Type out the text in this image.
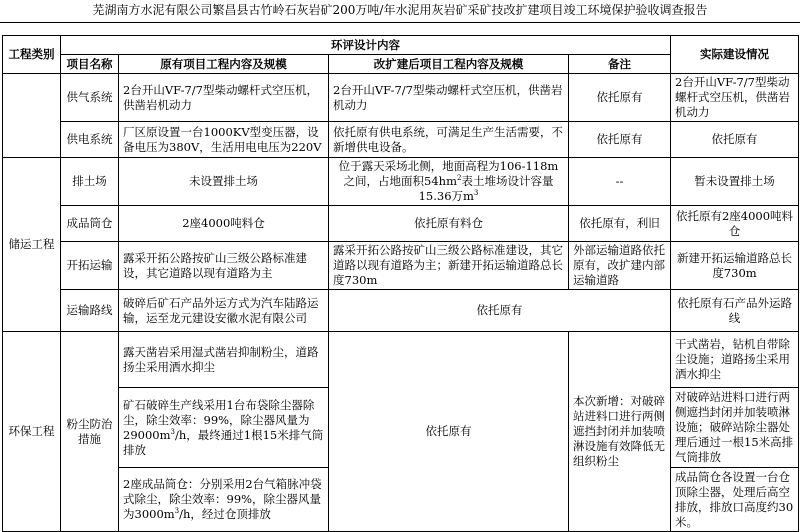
芜湖南方水泥有限公司繁昌县古竹岭石灰岩矿200万吨/年水泥用灰岩矿采矿技改扩建项目竣工环境保护验收调查报告
工程类别	环评设计内容				实际建设情况
	项目名称	原有项目工程内容及规模	改扩建后项目工程内容及规模	备注	
	供气系统	2台开山VF-7/7型柴动螺杆式空压机，供凿岩机动力	2台开山VF-7/7型柴动螺杆式空压机，供凿岩机动力	依托原有	2台开山VF-7/7型柴动螺杆式空压机，供凿岩机动力
	供电系统	厂区原设置一台1000KV型变压器，设备电压为380V，生活用电电压为220V	依托原有供电系统，可满足生产生活需要，不新增供电设备。	依托原有	依托原有
储运工程	排土场	未设置排土场	位于露天采场北侧，地面高程为106-118m之间，占地面积$54hm^2$表土堆场设计容量15.36万$m^3$	--	暂未设置排土场
	成品筒仓	2座4000吨料仓	依托原有料仓	依托原有，利旧	依托原有2座4000吨料仓
	开拓运输	露采开拓公路按矿山三级公路标准建设，其它道路以现有道路为主	露采开拓公路按矿山三级公路标准建设，其它道路以现有道路为主；新建开拓运输道路总长度730m	外部运输道路依托原有，改扩建内部运输道路	新建开拓运输道路总长度730m
	运输路线	破碎后矿石产品外运方式为汽车陆路运输，运至龙元建设安徽水泥有限公司	依托原有		依托原有石产品外运路线
环保工程	粉尘防治措施	露天凿岩采用湿式凿岩抑制粉尘，道路扬尘采用洒水抑尘	依托原有	本次新增：对破碎站进料口进行两侧遮挡封闭并加装喷淋设施有效降低无组织粉尘	干式凿岩，钻机自带除尘设施；道路扬尘采用洒水抑尘
		矿石破碎生产线采用1台布袋除尘器除尘，除尘效率：99%，除尘器风量为$29000m^3/h$，最终通过1根15米排气筒排放			对破碎站进料口进行两侧遮挡封闭并加装喷淋设施；破碎站除尘器处理后通过一根15米高排气筒排放
		2座成品筒仓：分别采用2台气箱脉冲袋式除尘，除尘效率：99%，除尘器风量为$3000m^3/h$，经过仓顶排放			成品筒仓各设置一台仓顶除尘器，处理后高空排放，排放口高度约30米。
